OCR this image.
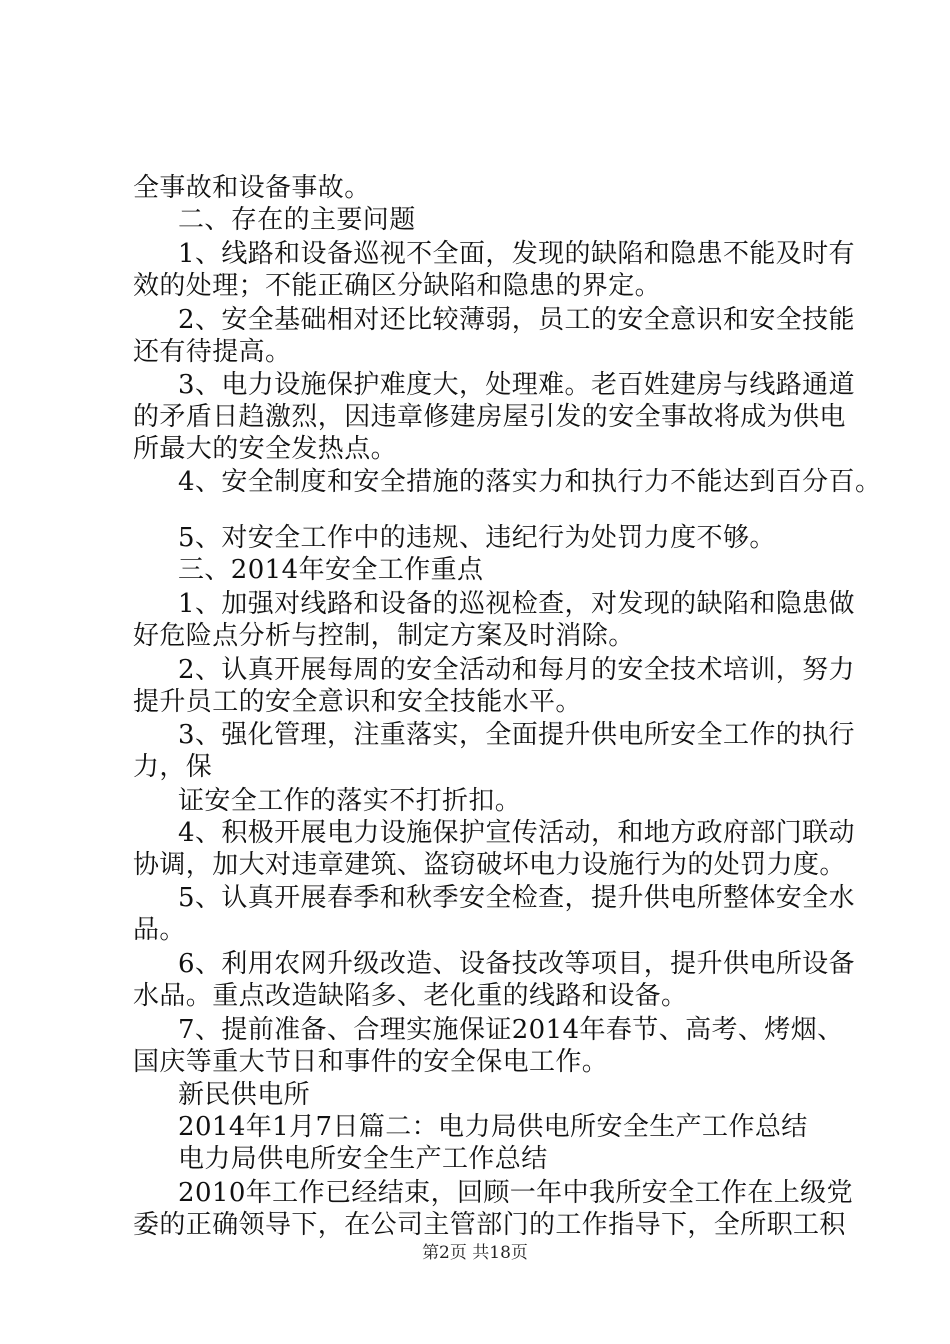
全事故和设备事故。
二、存在的主要问题
1、线路和设备巡视不全面，发现的缺陷和隐患不能及时有
效的处理；不能正确区分缺陷和隐患的界定。
2、安全基础相对还比较薄弱，员工的安全意识和安全技能
还有待提高。
3、电力设施保护难度大，处理难。老百姓建房与线路通道
的矛盾日趋激烈，因违章修建房屋引发的安全事故将成为供电
所最大的安全发热点。
4、安全制度和安全措施的落实力和执行力不能达到百分百。
5、对安全工作中的违规、违纪行为处罚力度不够。
三、2014年安全工作重点
1、加强对线路和设备的巡视检查，对发现的缺陷和隐患做
好危险点分析与控制，制定方案及时消除。
2、认真开展每周的安全活动和每月的安全技术培训，努力
提升员工的安全意识和安全技能水平。
3、强化管理，注重落实，全面提升供电所安全工作的执行
力，保
证安全工作的落实不打折扣。
4、积极开展电力设施保护宣传活动，和地方政府部门联动
协调，加大对违章建筑、盗窃破坏电力设施行为的处罚力度。
5、认真开展春季和秋季安全检查，提升供电所整体安全水
品。
6、利用农网升级改造、设备技改等项目，提升供电所设备
水品。重点改造缺陷多、老化重的线路和设备。
7、提前准备、合理实施保证2014年春节、高考、烤烟、
国庆等重大节日和事件的安全保电工作。
新民供电所
2014年1月7日篇二：电力局供电所安全生产工作总结
电力局供电所安全生产工作总结
2010年工作已经结束，回顾一年中我所安全工作在上级党
委的正确领导下，在公司主管部门的工作指导下，全所职工积
第2页 共18页
